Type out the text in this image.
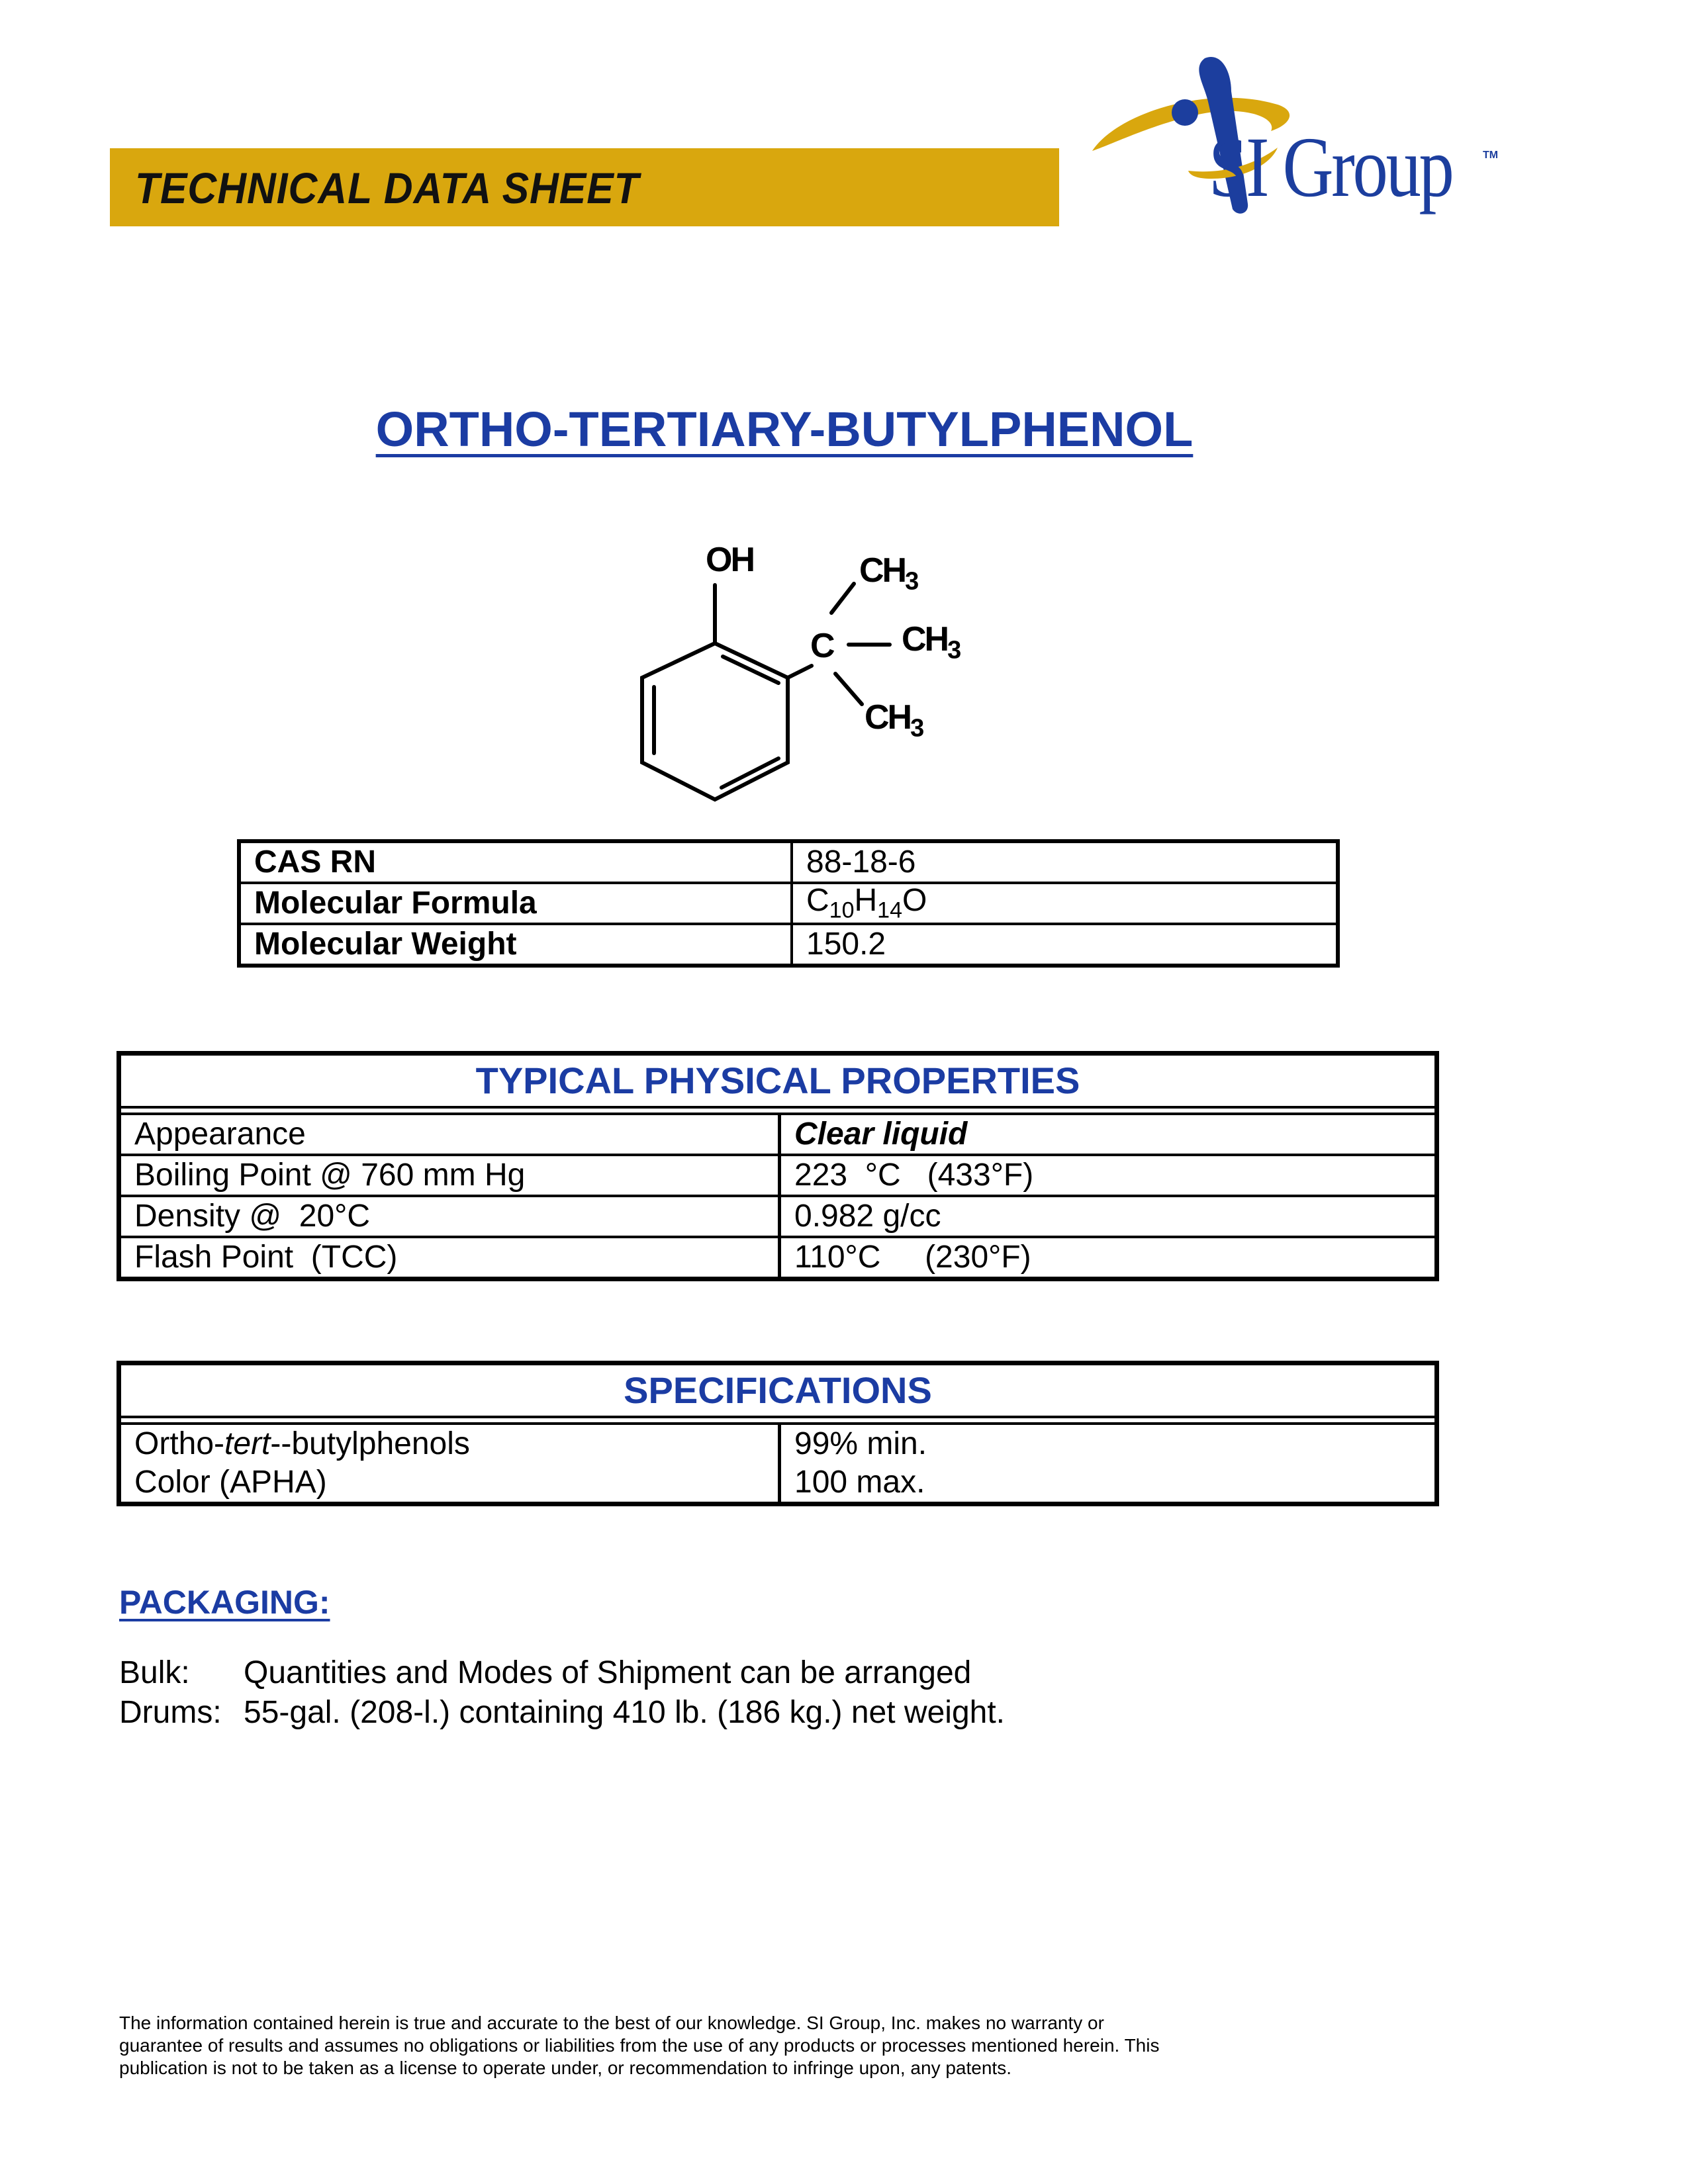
TECHNICAL DATA SHEET	SI Group	TM
ORTHO-TERTIARY-BUTYLPHENOL
OH
C
$CH_3$
$CH_3$
$CH_3$
CAS RN	88-18-6
Molecular Formula	$C_{10}H_{14}O$
Molecular Weight	150.2
TYPICAL PHYSICAL PROPERTIES	

Appearance	Clear liquid
Boiling Point @ 760 mm Hg	223  °C   (433°F)
Density @  20°C	0.982 g/cc
Flash Point  (TCC)	110°C     (230°F)
SPECIFICATIONS	

Ortho-tert--butylphenols	99% min.
Color (APHA)	100 max.
PACKAGING:
Bulk: Quantities and Modes of Shipment can be arranged
Drums: 55-gal. (208-l.) containing 410 lb. (186 kg.) net weight.
The information contained herein is true and accurate to the best of our knowledge. SI Group, Inc. makes no warranty or
guarantee of results and assumes no obligations or liabilities from the use of any products or processes mentioned herein. This
publication is not to be taken as a license to operate under, or recommendation to infringe upon, any patents.
